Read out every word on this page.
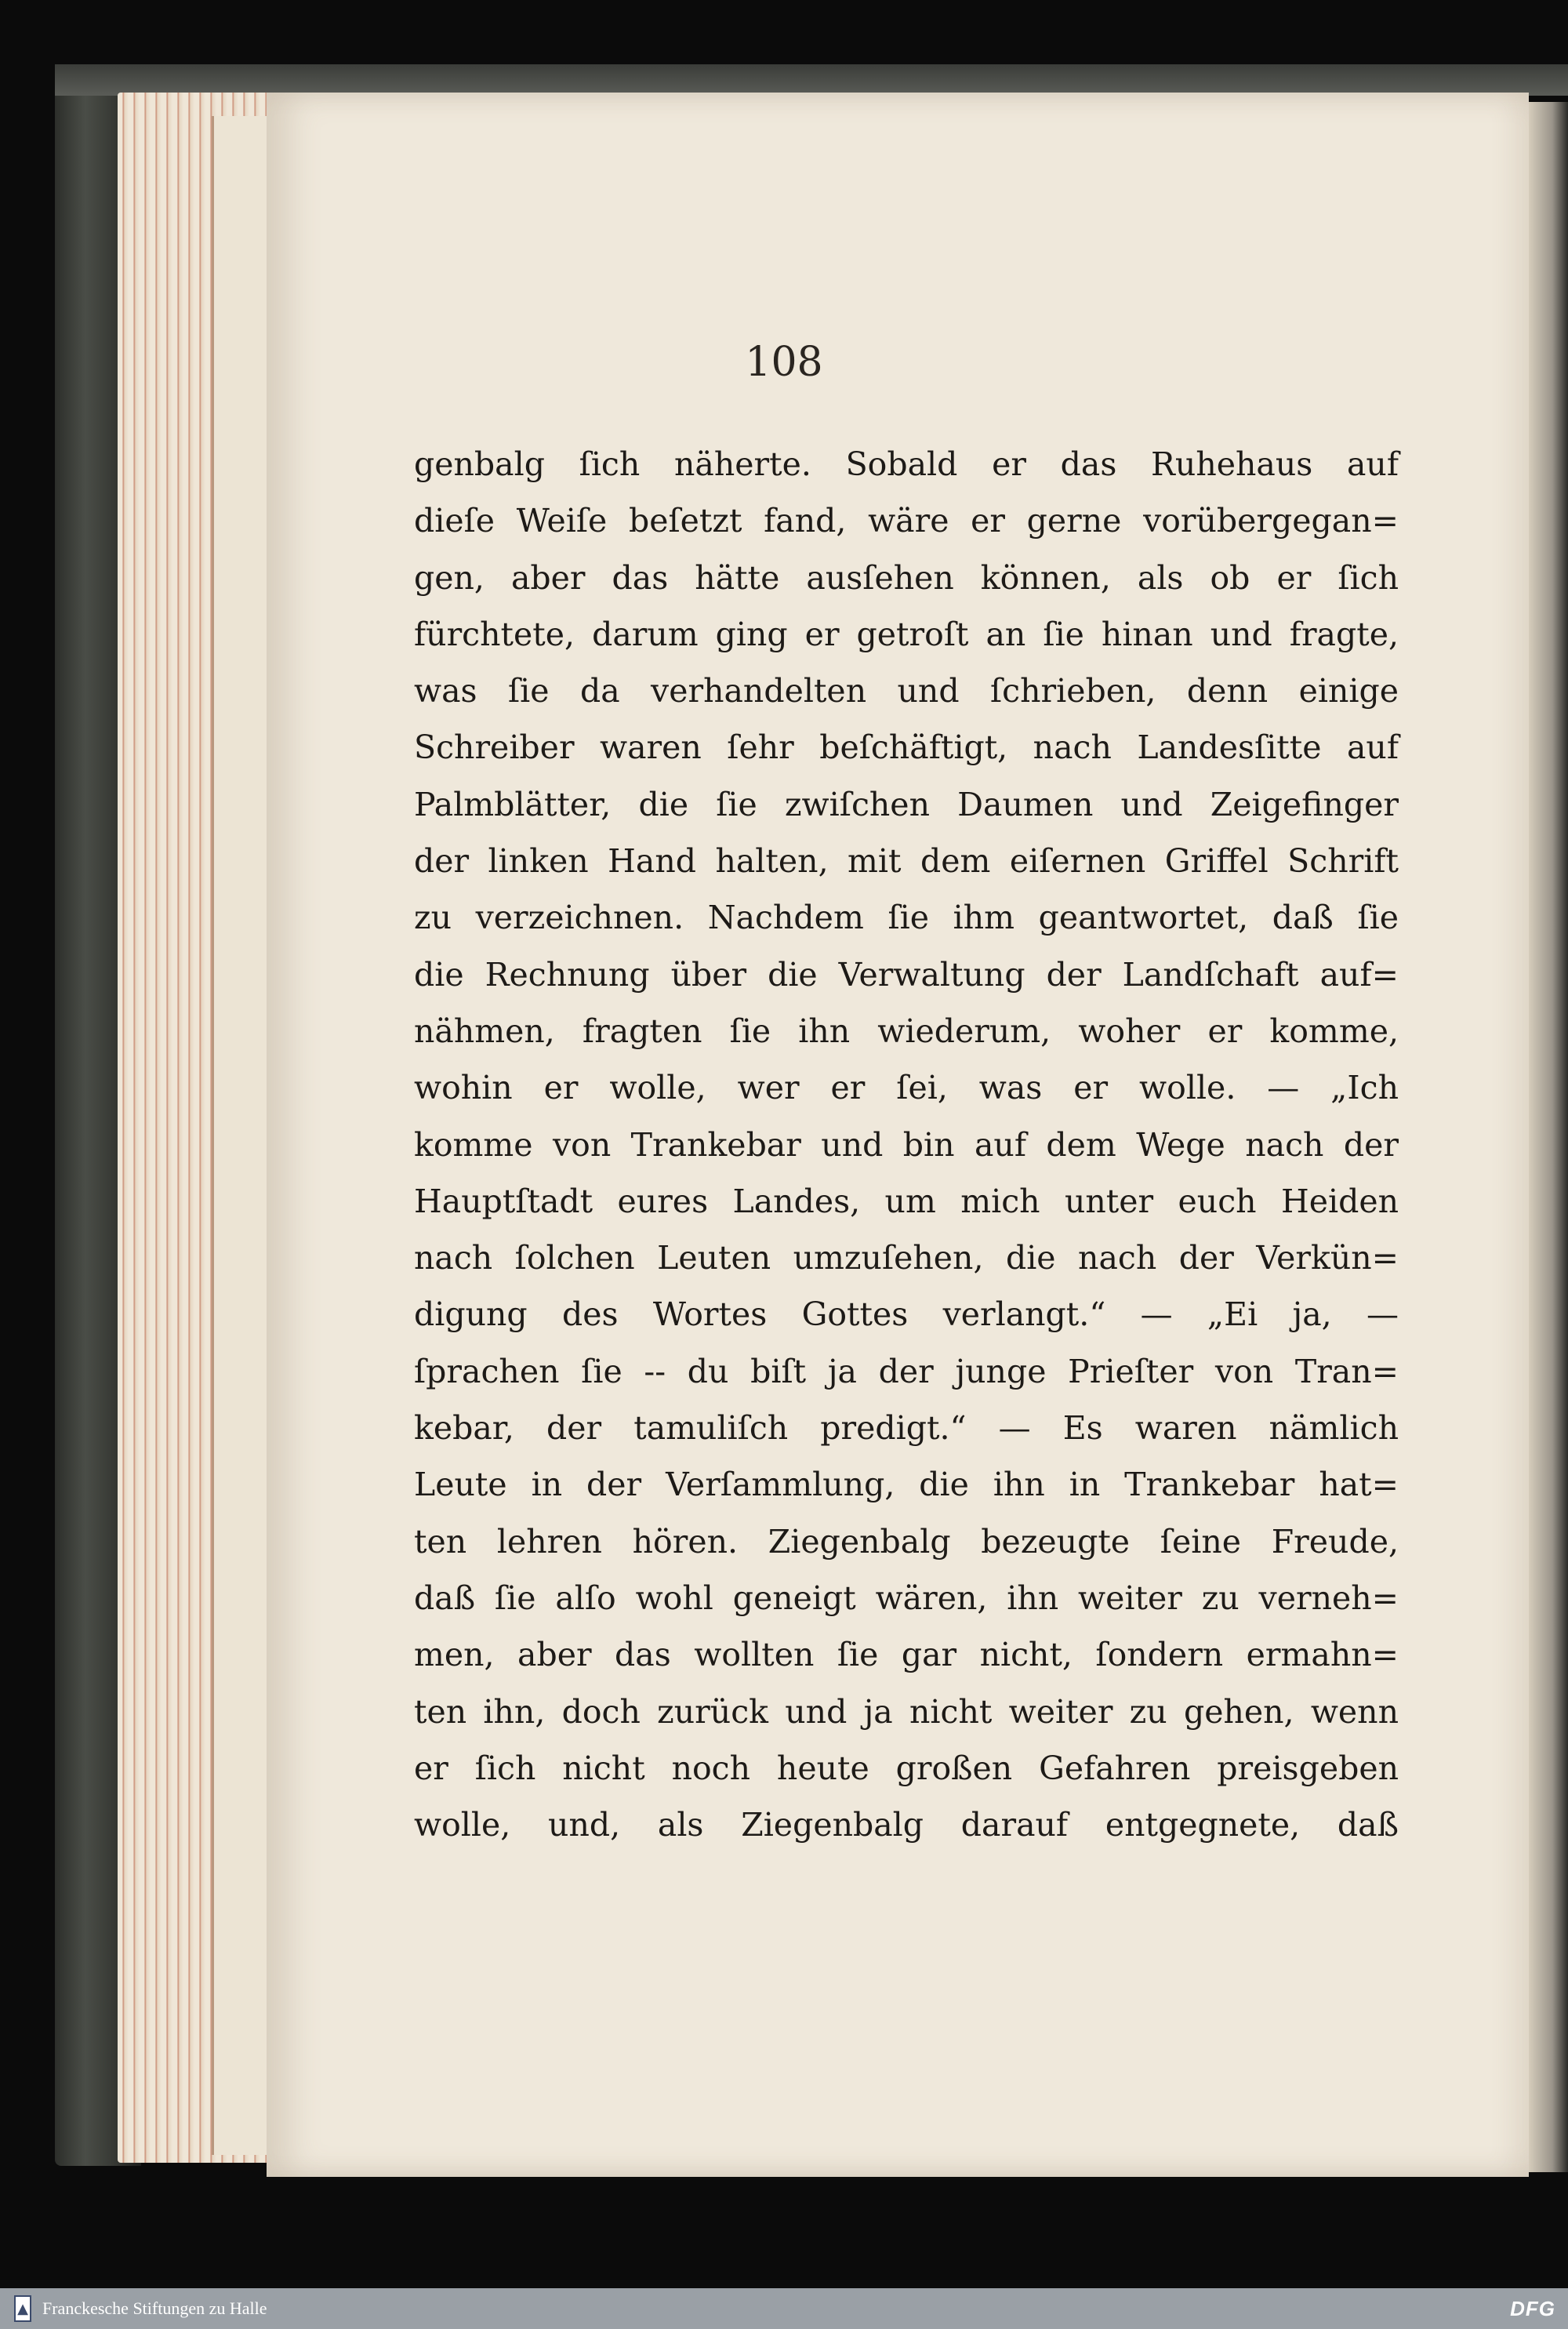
108
genbalg ſich näherte. Sobald er das Ruhehaus auf
dieſe Weiſe beſetzt fand, wäre er gerne vorübergegan=
gen, aber das hätte ausſehen können, als ob er ſich
fürchtete, darum ging er getroſt an ſie hinan und fragte,
was ſie da verhandelten und ſchrieben, denn einige
Schreiber waren ſehr beſchäftigt, nach Landesſitte auf
Palmblätter, die ſie zwiſchen Daumen und Zeigefinger
der linken Hand halten, mit dem eiſernen Griffel Schrift
zu verzeichnen. Nachdem ſie ihm geantwortet, daß ſie
die Rechnung über die Verwaltung der Landſchaft auf=
nähmen, fragten ſie ihn wiederum, woher er komme,
wohin er wolle, wer er ſei, was er wolle. — „Ich
komme von Trankebar und bin auf dem Wege nach der
Hauptſtadt eures Landes, um mich unter euch Heiden
nach ſolchen Leuten umzuſehen, die nach der Verkün=
digung des Wortes Gottes verlangt.“ — „Ei ja, —
ſprachen ſie -- du biſt ja der junge Prieſter von Tran=
kebar, der tamuliſch predigt.“ — Es waren nämlich
Leute in der Verſammlung, die ihn in Trankebar hat=
ten lehren hören. Ziegenbalg bezeugte ſeine Freude,
daß ſie alſo wohl geneigt wären, ihn weiter zu verneh=
men, aber das wollten ſie gar nicht, ſondern ermahn=
ten ihn, doch zurück und ja nicht weiter zu gehen, wenn
er ſich nicht noch heute großen Gefahren preisgeben
wolle, und, als Ziegenbalg darauf entgegnete, daß
▲ Franckesche Stiftungen zu Halle	DFG
